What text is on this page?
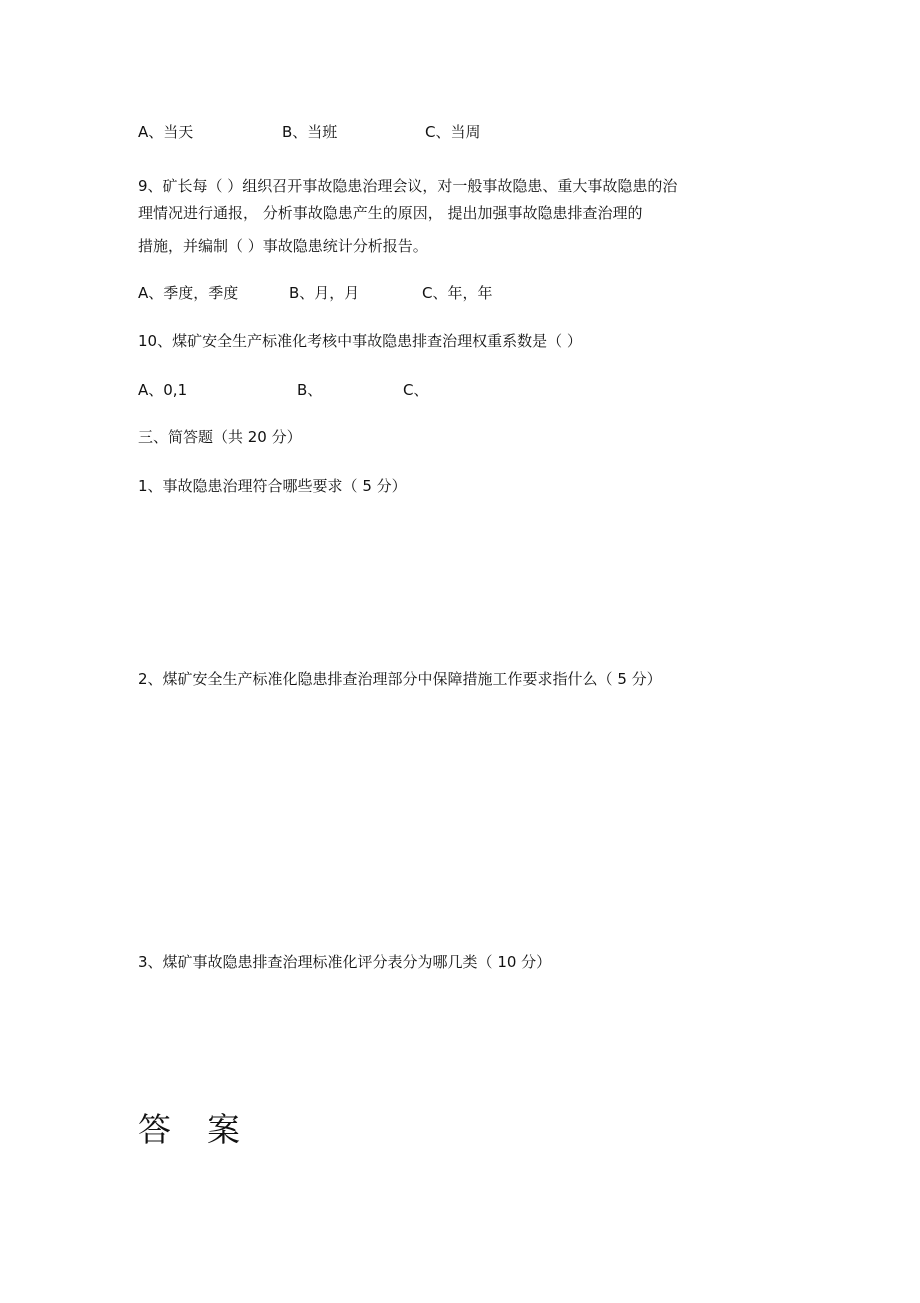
A、当天	B、当班	C、当周
9、矿长每（ ）组织召开事故隐患治理会议，对一般事故隐患、重大事故隐患的治
理情况进行通报， 分析事故隐患产生的原因， 提出加强事故隐患排查治理的
措施，并编制（ ）事故隐患统计分析报告。
A、季度，季度	B、月，月	C、年，年
10、煤矿安全生产标准化考核中事故隐患排查治理权重系数是（ ）
A、0,1	B、	C、
三、简答题（共 20 分）
1、事故隐患治理符合哪些要求（ 5 分）
2、煤矿安全生产标准化隐患排查治理部分中保障措施工作要求指什么（ 5 分）
3、煤矿事故隐患排查治理标准化评分表分为哪几类（ 10 分）
答案
